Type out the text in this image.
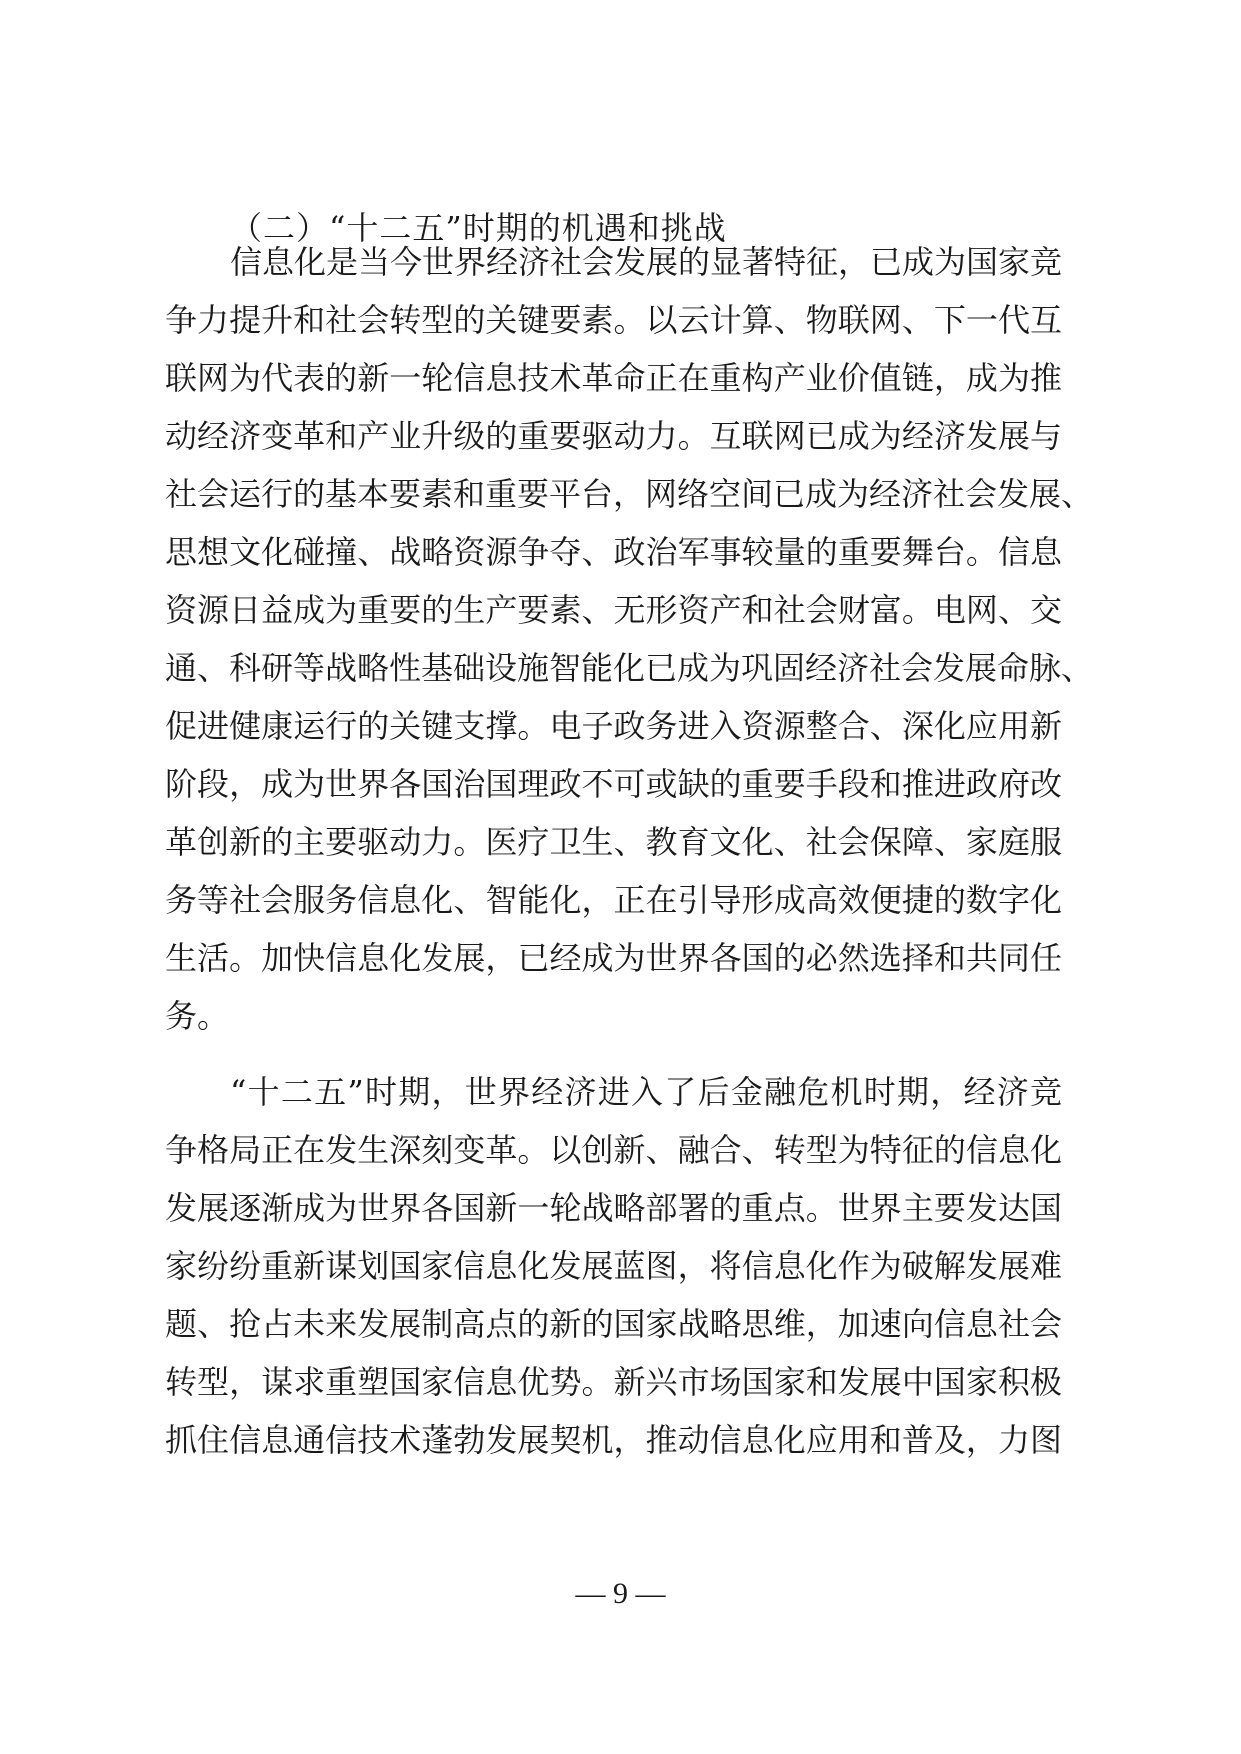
（二）“十二五”时期的机遇和挑战
信息化是当今世界经济社会发展的显著特征，已成为国家竞
争力提升和社会转型的关键要素。以云计算、物联网、下一代互
联网为代表的新一轮信息技术革命正在重构产业价值链，成为推
动经济变革和产业升级的重要驱动力。互联网已成为经济发展与
社会运行的基本要素和重要平台，网络空间已成为经济社会发展、
思想文化碰撞、战略资源争夺、政治军事较量的重要舞台。信息
资源日益成为重要的生产要素、无形资产和社会财富。电网、交
通、科研等战略性基础设施智能化已成为巩固经济社会发展命脉、
促进健康运行的关键支撑。电子政务进入资源整合、深化应用新
阶段，成为世界各国治国理政不可或缺的重要手段和推进政府改
革创新的主要驱动力。医疗卫生、教育文化、社会保障、家庭服
务等社会服务信息化、智能化，正在引导形成高效便捷的数字化
生活。加快信息化发展，已经成为世界各国的必然选择和共同任
务。
“十二五”时期，世界经济进入了后金融危机时期，经济竞
争格局正在发生深刻变革。以创新、融合、转型为特征的信息化
发展逐渐成为世界各国新一轮战略部署的重点。世界主要发达国
家纷纷重新谋划国家信息化发展蓝图，将信息化作为破解发展难
题、抢占未来发展制高点的新的国家战略思维，加速向信息社会
转型，谋求重塑国家信息优势。新兴市场国家和发展中国家积极
抓住信息通信技术蓬勃发展契机，推动信息化应用和普及，力图
— 9 —
